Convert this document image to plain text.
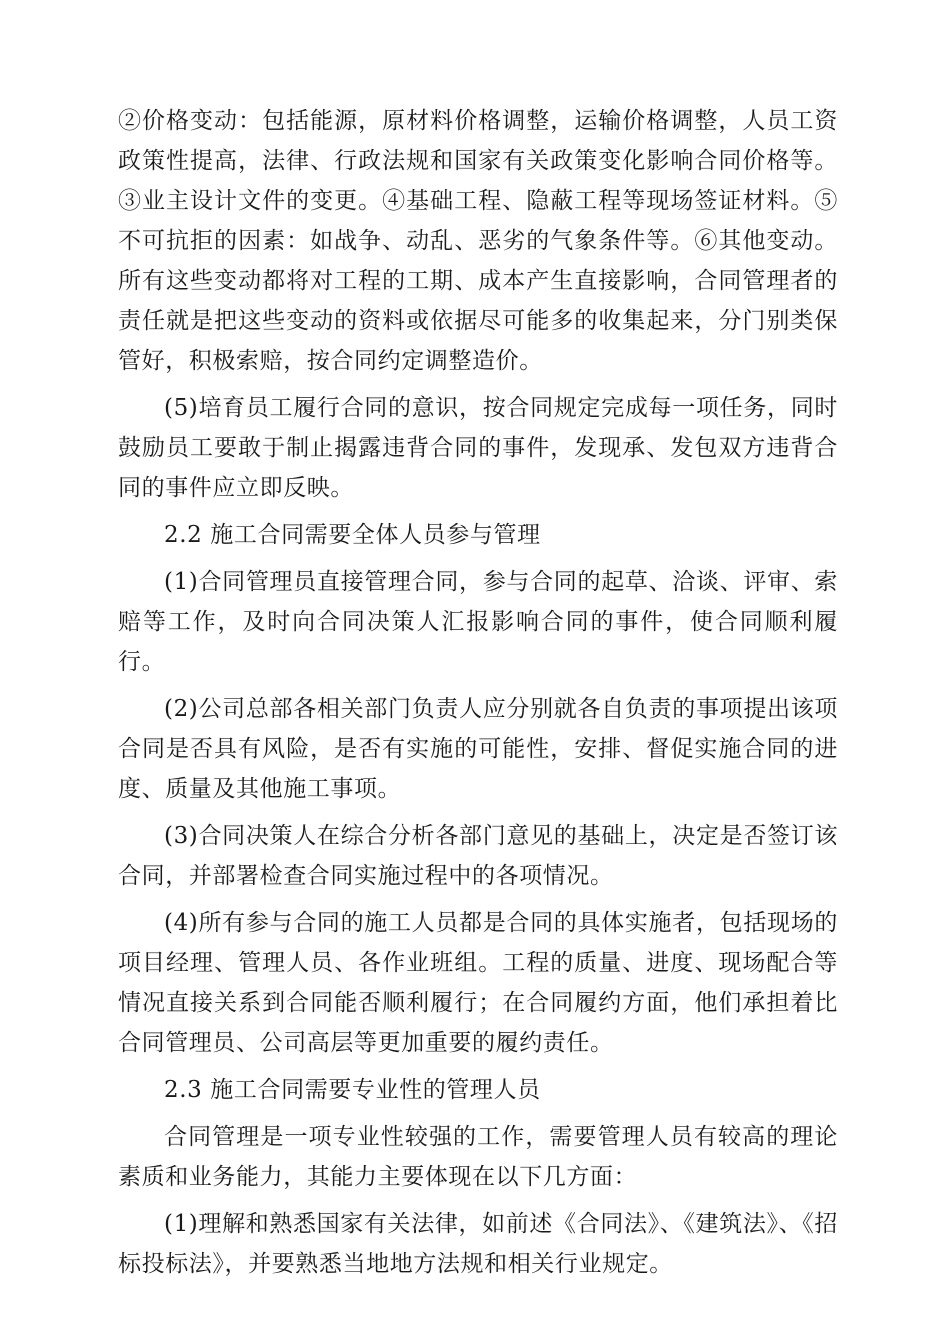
②价格变动：包括能源，原材料价格调整，运输价格调整，人员工资政策性提高，法律、行政法规和国家有关政策变化影响合同价格等。③业主设计文件的变更。④基础工程、隐蔽工程等现场签证材料。⑤不可抗拒的因素：如战争、动乱、恶劣的气象条件等。⑥其他变动。所有这些变动都将对工程的工期、成本产生直接影响，合同管理者的责任就是把这些变动的资料或依据尽可能多的收集起来，分门别类保管好，积极索赔，按合同约定调整造价。

(5)培育员工履行合同的意识，按合同规定完成每一项任务，同时鼓励员工要敢于制止揭露违背合同的事件，发现承、发包双方违背合同的事件应立即反映。

2.2 施工合同需要全体人员参与管理

(1)合同管理员直接管理合同，参与合同的起草、洽谈、评审、索赔等工作，及时向合同决策人汇报影响合同的事件，使合同顺利履行。

(2)公司总部各相关部门负责人应分别就各自负责的事项提出该项合同是否具有风险，是否有实施的可能性，安排、督促实施合同的进度、质量及其他施工事项。

(3)合同决策人在综合分析各部门意见的基础上，决定是否签订该合同，并部署检查合同实施过程中的各项情况。

(4)所有参与合同的施工人员都是合同的具体实施者，包括现场的项目经理、管理人员、各作业班组。工程的质量、进度、现场配合等情况直接关系到合同能否顺利履行；在合同履约方面，他们承担着比合同管理员、公司高层等更加重要的履约责任。

2.3 施工合同需要专业性的管理人员

合同管理是一项专业性较强的工作，需要管理人员有较高的理论素质和业务能力，其能力主要体现在以下几方面：

(1)理解和熟悉国家有关法律，如前述《合同法》、《建筑法》、《招标投标法》，并要熟悉当地地方法规和相关行业规定。
